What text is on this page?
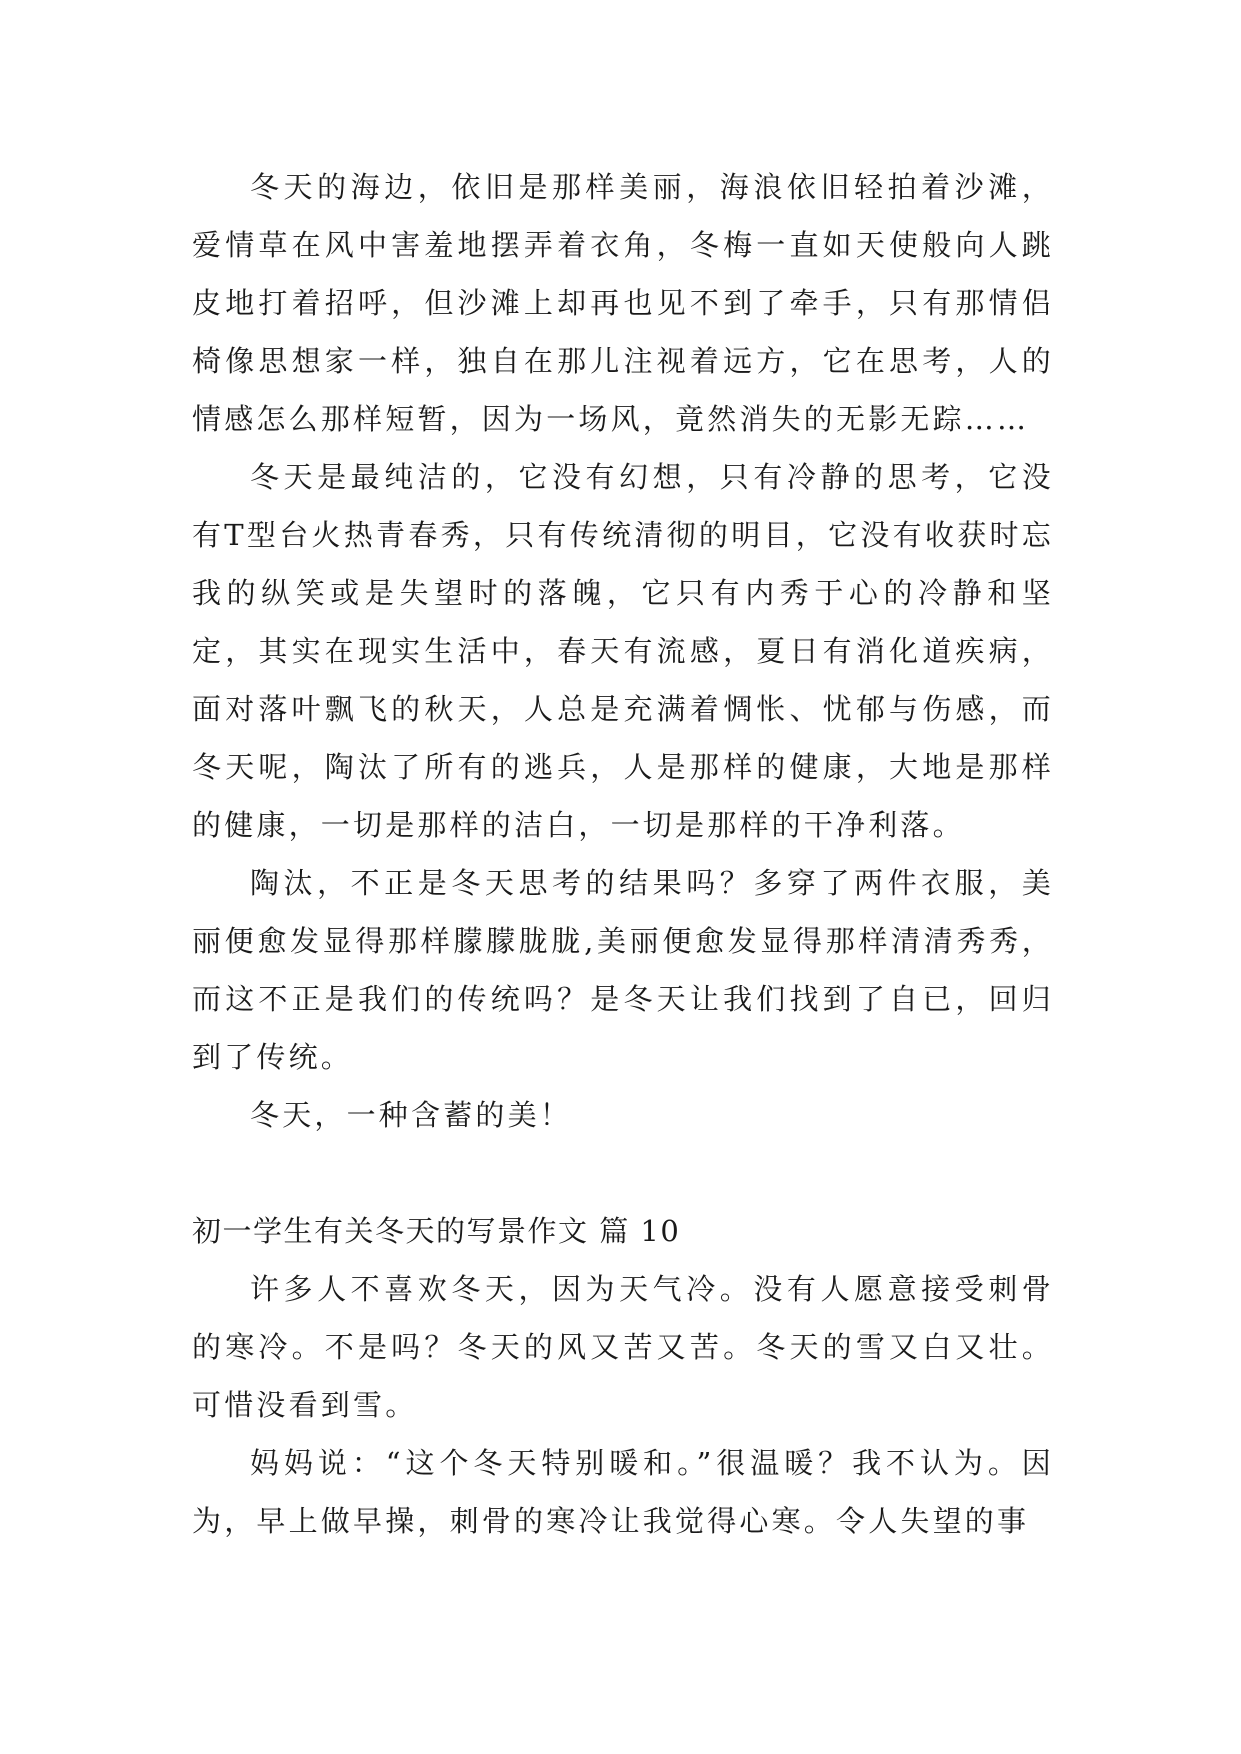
冬天的海边，依旧是那样美丽，海浪依旧轻拍着沙滩，爱情草在风中害羞地摆弄着衣角，冬梅一直如天使般向人跳皮地打着招呼，但沙滩上却再也见不到了牵手，只有那情侣椅像思想家一样，独自在那儿注视着远方，它在思考，人的情感怎么那样短暂，因为一场风，竟然消失的无影无踪……

冬天是最纯洁的，它没有幻想，只有冷静的思考，它没有T型台火热青春秀，只有传统清彻的明目，它没有收获时忘我的纵笑或是失望时的落魄，它只有内秀于心的冷静和坚定，其实在现实生活中，春天有流感，夏日有消化道疾病，面对落叶飘飞的秋天，人总是充满着惆怅、忧郁与伤感，而冬天呢，陶汰了所有的逃兵，人是那样的健康，大地是那样的健康，一切是那样的洁白，一切是那样的干净利落。

陶汰，不正是冬天思考的结果吗？多穿了两件衣服，美丽便愈发显得那样朦朦胧胧,美丽便愈发显得那样清清秀秀，而这不正是我们的传统吗？是冬天让我们找到了自已，回归到了传统。

冬天，一种含蓄的美！

初一学生有关冬天的写景作文 篇 10

许多人不喜欢冬天，因为天气冷。没有人愿意接受刺骨的寒冷。不是吗？冬天的风又苦又苦。冬天的雪又白又壮。可惜没看到雪。

妈妈说：“这个冬天特别暖和。”很温暖？我不认为。因为，早上做早操，刺骨的寒冷让我觉得心寒。令人失望的事
